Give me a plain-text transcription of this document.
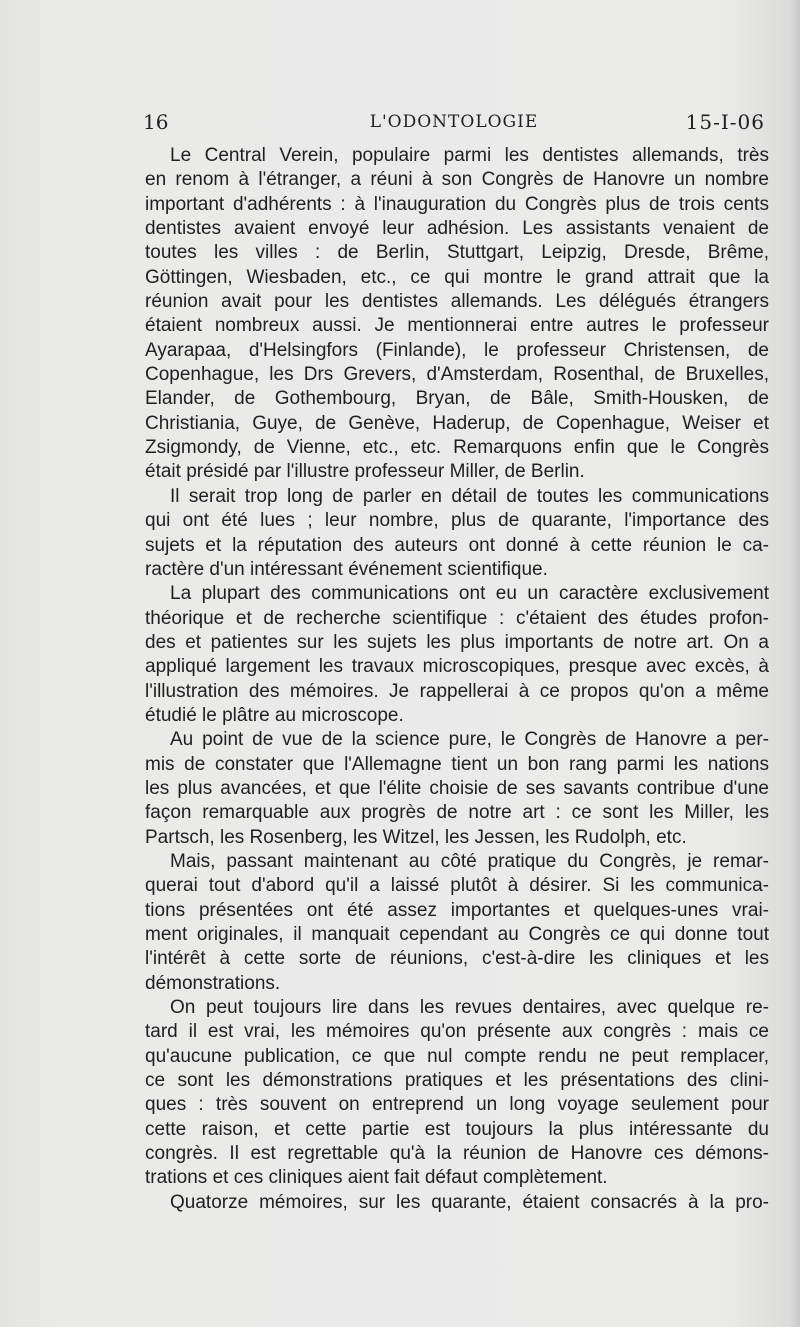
16	L'ODONTOLOGIE	15-I-06
Le Central Verein, populaire parmi les dentistes allemands, très
en renom à l'étranger, a réuni à son Congrès de Hanovre un nombre
important d'adhérents : à l'inauguration du Congrès plus de trois cents
dentistes avaient envoyé leur adhésion. Les assistants venaient de
toutes les villes : de Berlin, Stuttgart, Leipzig, Dresde, Brême,
Göttingen, Wiesbaden, etc., ce qui montre le grand attrait que la
réunion avait pour les dentistes allemands. Les délégués étrangers
étaient nombreux aussi. Je mentionnerai entre autres le professeur
Ayarapaa, d'Helsingfors (Finlande), le professeur Christensen, de
Copenhague, les Drs Grevers, d'Amsterdam, Rosenthal, de Bruxelles,
Elander, de Gothembourg, Bryan, de Bâle, Smith-Housken, de
Christiania, Guye, de Genève, Haderup, de Copenhague, Weiser et
Zsigmondy, de Vienne, etc., etc. Remarquons enfin que le Congrès
était présidé par l'illustre professeur Miller, de Berlin.
Il serait trop long de parler en détail de toutes les communications
qui ont été lues ; leur nombre, plus de quarante, l'importance des
sujets et la réputation des auteurs ont donné à cette réunion le ca-
ractère d'un intéressant événement scientifique.
La plupart des communications ont eu un caractère exclusivement
théorique et de recherche scientifique : c'étaient des études profon-
des et patientes sur les sujets les plus importants de notre art. On a
appliqué largement les travaux microscopiques, presque avec excès, à
l'illustration des mémoires. Je rappellerai à ce propos qu'on a même
étudié le plâtre au microscope.
Au point de vue de la science pure, le Congrès de Hanovre a per-
mis de constater que l'Allemagne tient un bon rang parmi les nations
les plus avancées, et que l'élite choisie de ses savants contribue d'une
façon remarquable aux progrès de notre art : ce sont les Miller, les
Partsch, les Rosenberg, les Witzel, les Jessen, les Rudolph, etc.
Mais, passant maintenant au côté pratique du Congrès, je remar-
querai tout d'abord qu'il a laissé plutôt à désirer. Si les communica-
tions présentées ont été assez importantes et quelques-unes vrai-
ment originales, il manquait cependant au Congrès ce qui donne tout
l'intérêt à cette sorte de réunions, c'est-à-dire les cliniques et les
démonstrations.
On peut toujours lire dans les revues dentaires, avec quelque re-
tard il est vrai, les mémoires qu'on présente aux congrès : mais ce
qu'aucune publication, ce que nul compte rendu ne peut remplacer,
ce sont les démonstrations pratiques et les présentations des clini-
ques : très souvent on entreprend un long voyage seulement pour
cette raison, et cette partie est toujours la plus intéressante du
congrès. Il est regrettable qu'à la réunion de Hanovre ces démons-
trations et ces cliniques aient fait défaut complètement.
Quatorze mémoires, sur les quarante, étaient consacrés à la pro-
